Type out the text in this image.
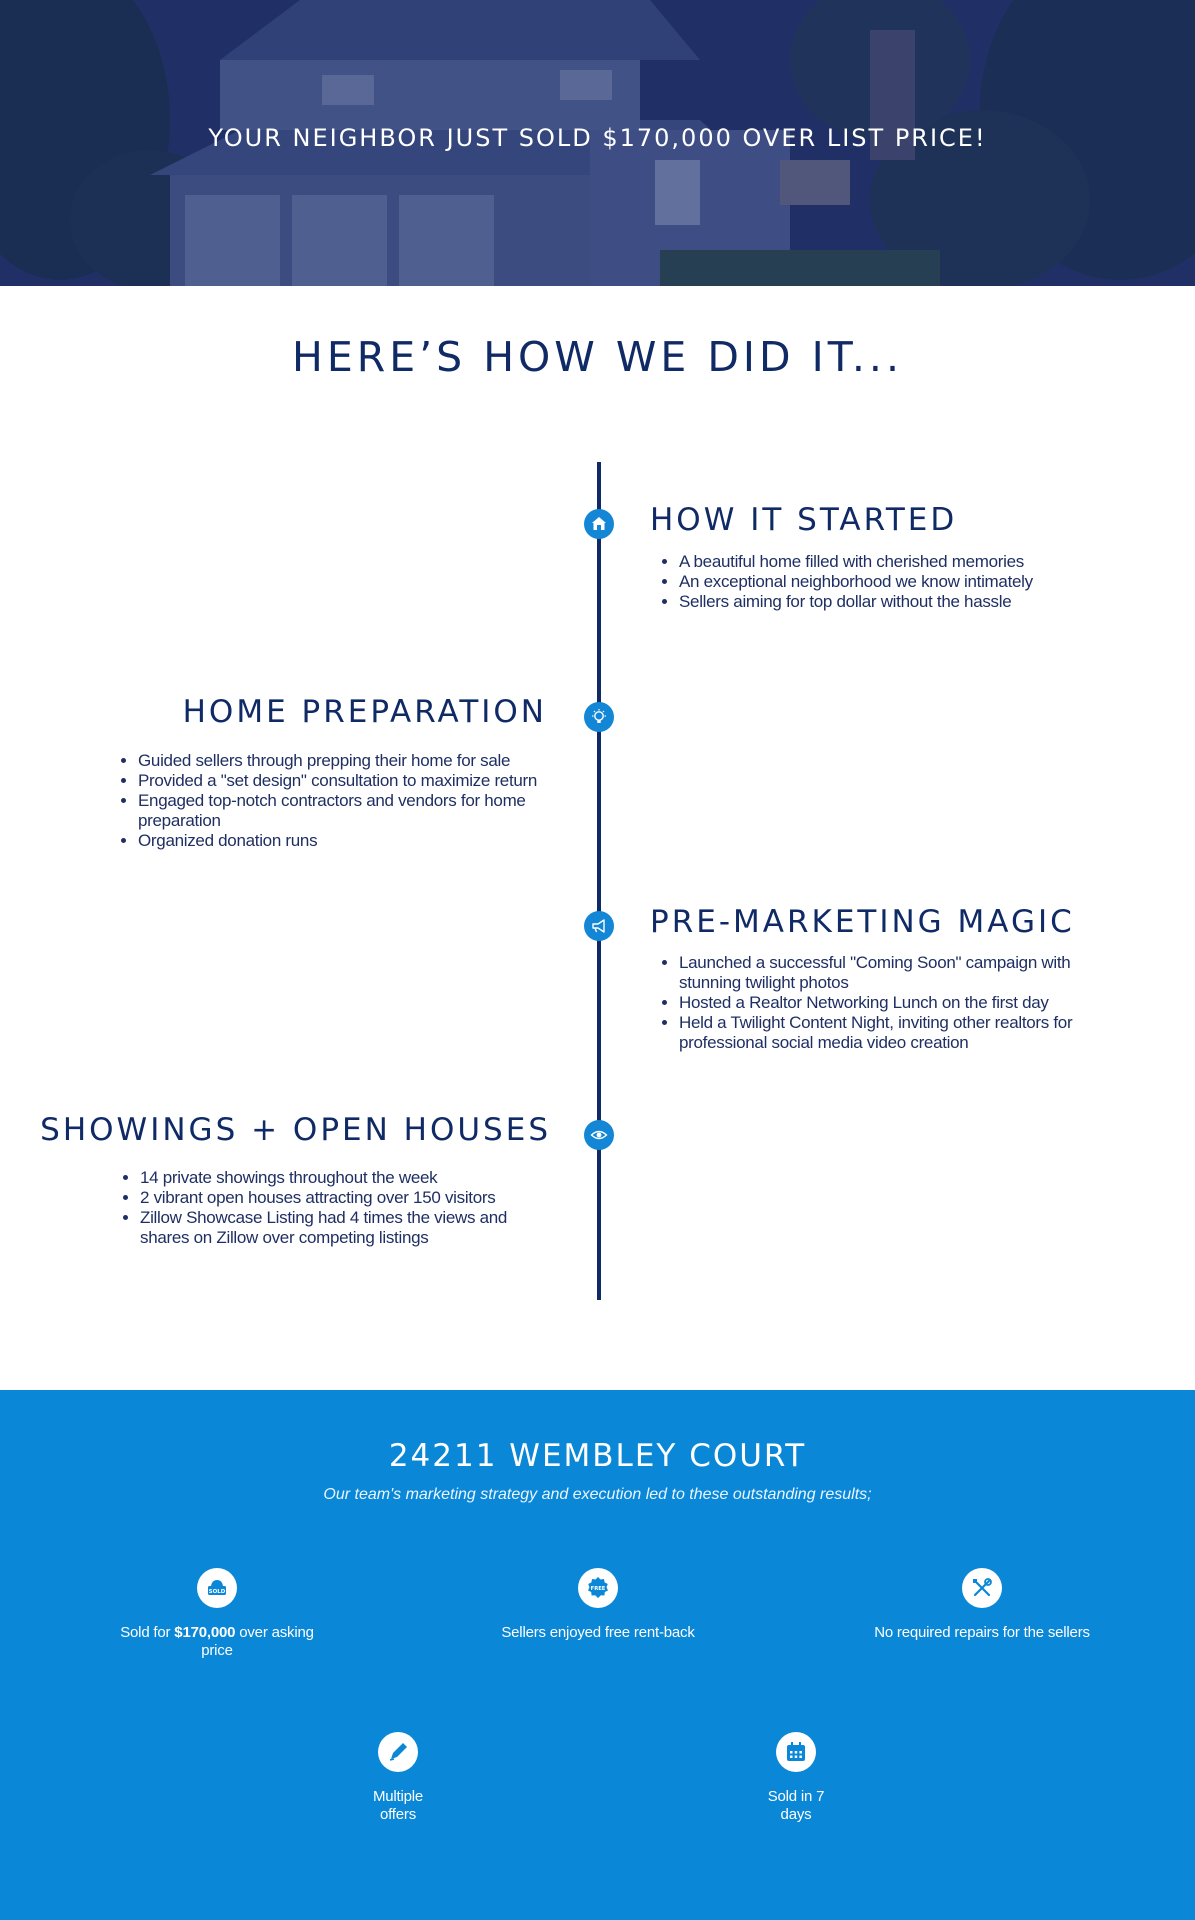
YOUR NEIGHBOR JUST SOLD $170,000 OVER LIST PRICE!
HERE’S HOW WE DID IT...
HOW IT STARTED
• A beautiful home filled with cherished memories
• An exceptional neighborhood we know intimately
• Sellers aiming for top dollar without the hassle
HOME PREPARATION
• Guided sellers through prepping their home for sale
• Provided a "set design" consultation to maximize return
• Engaged top-notch contractors and vendors for home preparation
• Organized donation runs
PRE-MARKETING MAGIC
• Launched a successful "Coming Soon" campaign with stunning twilight photos
• Hosted a Realtor Networking Lunch on the first day
• Held a Twilight Content Night, inviting other realtors for professional social media video creation
SHOWINGS + OPEN HOUSES
• 14 private showings throughout the week
• 2 vibrant open houses attracting over 150 visitors
• Zillow Showcase Listing had 4 times the views and shares on Zillow over competing listings
24211 WEMBLEY COURT
Our team's marketing strategy and execution led to these outstanding results;
SOLD
Sold for $170,000 over asking price
FREE
Sellers enjoyed free rent-back	No required repairs for the sellers
Multiple offers
Sold in 7 days
